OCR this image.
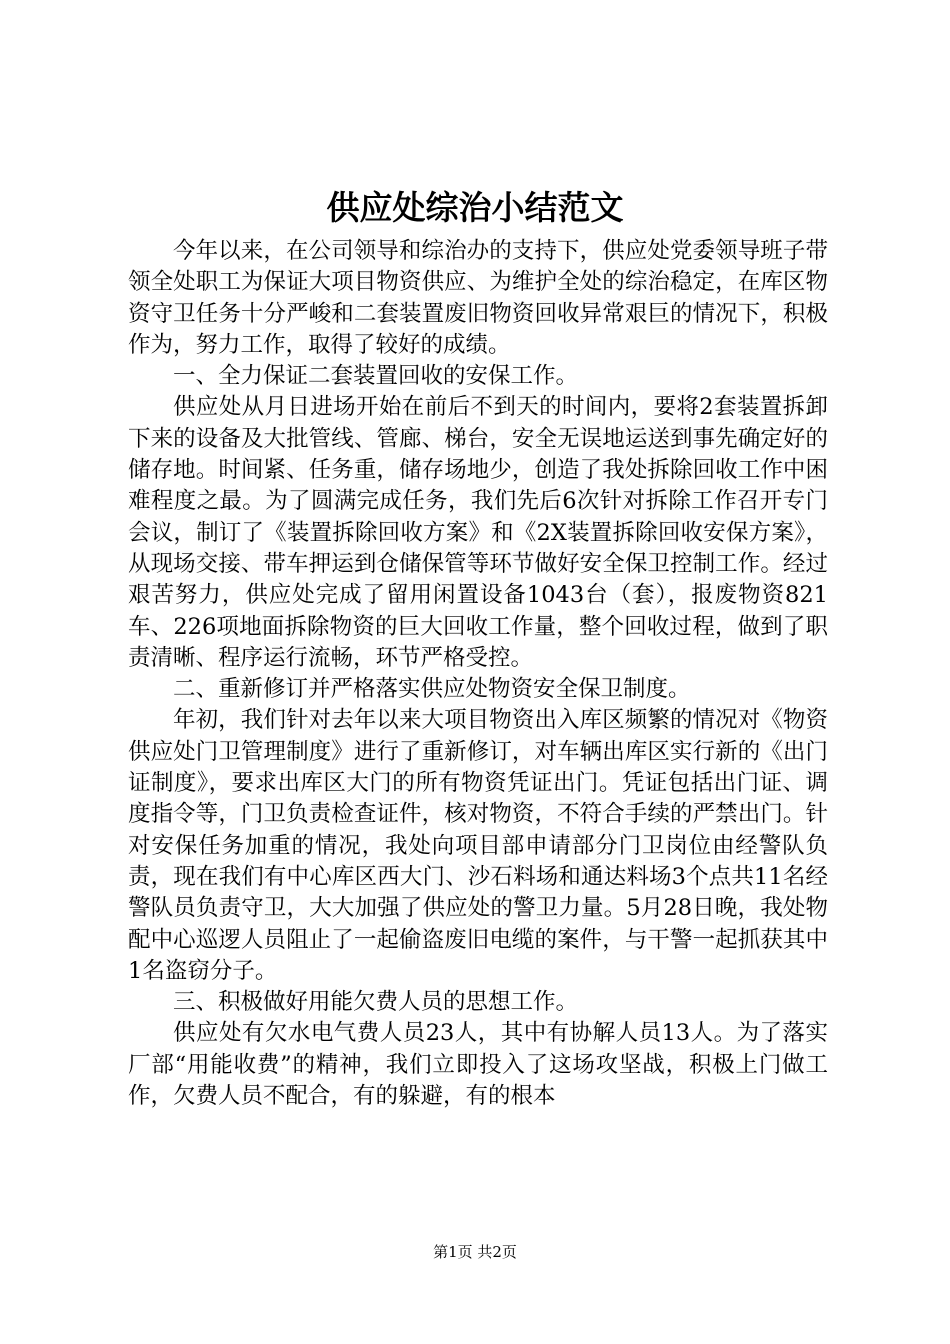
供应处综治小结范文

今年以来，在公司领导和综治办的支持下，供应处党委领导班子带领全处职工为保证大项目物资供应、为维护全处的综治稳定，在库区物资守卫任务十分严峻和二套装置废旧物资回收异常艰巨的情况下，积极作为，努力工作，取得了较好的成绩。

一、全力保证二套装置回收的安保工作。

供应处从月日进场开始在前后不到天的时间内，要将2套装置拆卸下来的设备及大批管线、管廊、梯台，安全无误地运送到事先确定好的储存地。时间紧、任务重，储存场地少，创造了我处拆除回收工作中困难程度之最。为了圆满完成任务，我们先后6次针对拆除工作召开专门会议，制订了《装置拆除回收方案》和《2X装置拆除回收安保方案》，从现场交接、带车押运到仓储保管等环节做好安全保卫控制工作。经过艰苦努力，供应处完成了留用闲置设备1043台（套），报废物资821车、226项地面拆除物资的巨大回收工作量，整个回收过程，做到了职责清晰、程序运行流畅，环节严格受控。

二、重新修订并严格落实供应处物资安全保卫制度。

年初，我们针对去年以来大项目物资出入库区频繁的情况对《物资供应处门卫管理制度》进行了重新修订，对车辆出库区实行新的《出门证制度》，要求出库区大门的所有物资凭证出门。凭证包括出门证、调度指令等，门卫负责检查证件，核对物资，不符合手续的严禁出门。针对安保任务加重的情况，我处向项目部申请部分门卫岗位由经警队负责，现在我们有中心库区西大门、沙石料场和通达料场3个点共11名经警队员负责守卫，大大加强了供应处的警卫力量。5月28日晚，我处物配中心巡逻人员阻止了一起偷盗废旧电缆的案件，与干警一起抓获其中1名盗窃分子。

三、积极做好用能欠费人员的思想工作。

供应处有欠水电气费人员23人，其中有协解人员13人。为了落实厂部“用能收费”的精神，我们立即投入了这场攻坚战，积极上门做工作，欠费人员不配合，有的躲避，有的根本

第1页 共2页
